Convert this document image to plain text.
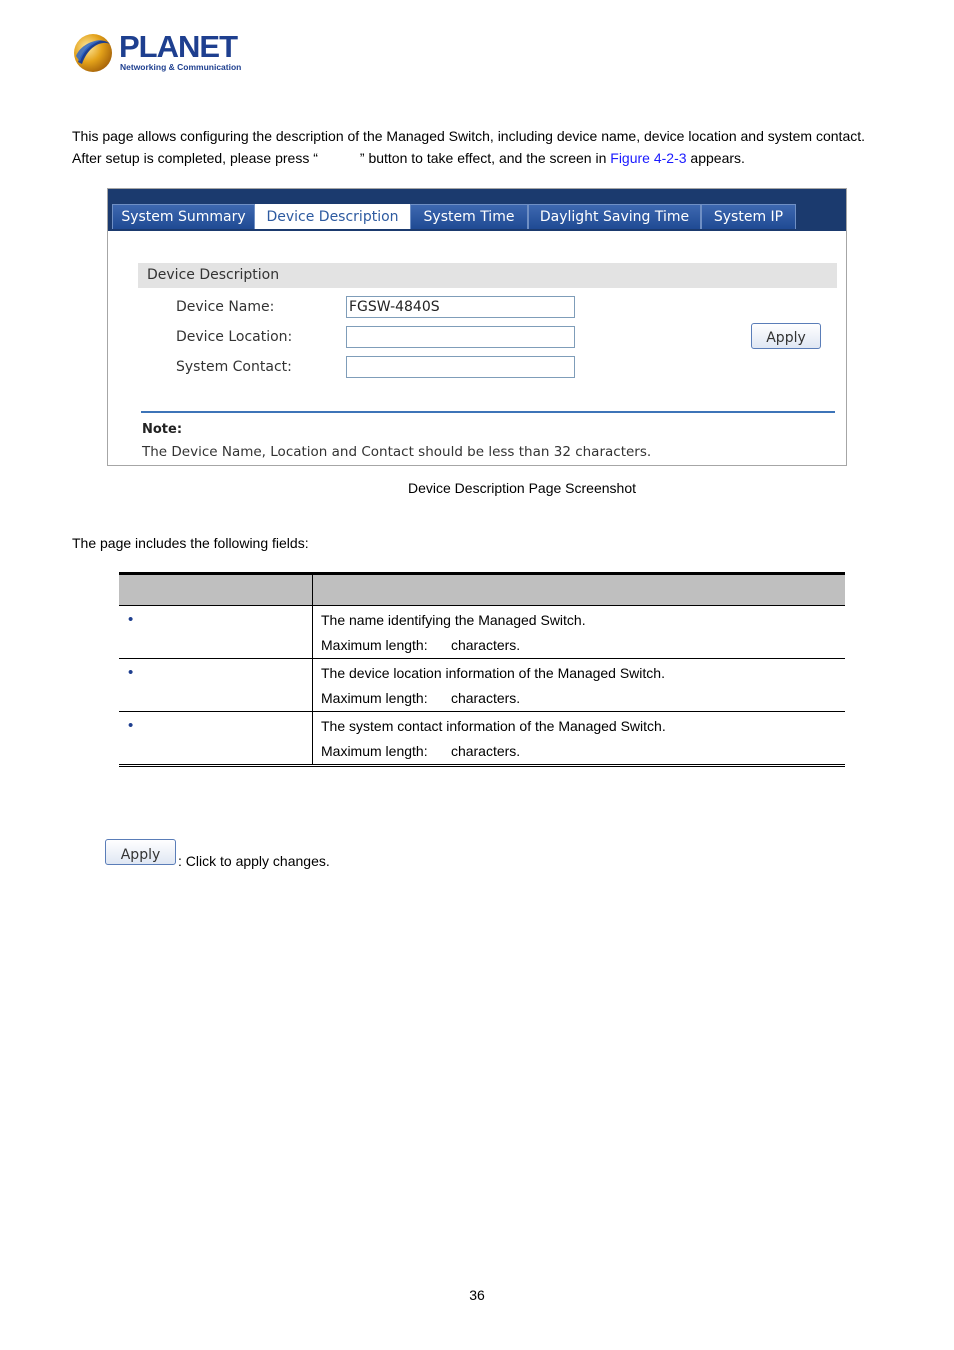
PLANET
Networking & Communication
This page allows configuring the description of the Managed Switch, including device name, device location and system contact.
After setup is completed, please press “	” button to take effect, and the screen in Figure 4-2-3 appears.
System Summary	Device Description	System Time	Daylight Saving Time	System IP
Device Description
Device Name:
FGSW-4840S
Device Location:
System Contact:
Apply
Note:
The Device Name, Location and Contact should be less than 32 characters.
Device Description Page Screenshot
The page includes the following fields:

•	The name identifying the Managed Switch.
Maximum length: characters.

•	The device location information of the Managed Switch.
Maximum length: characters.

•	The system contact information of the Managed Switch.
Maximum length: characters.
Apply	: Click to apply changes.
36
